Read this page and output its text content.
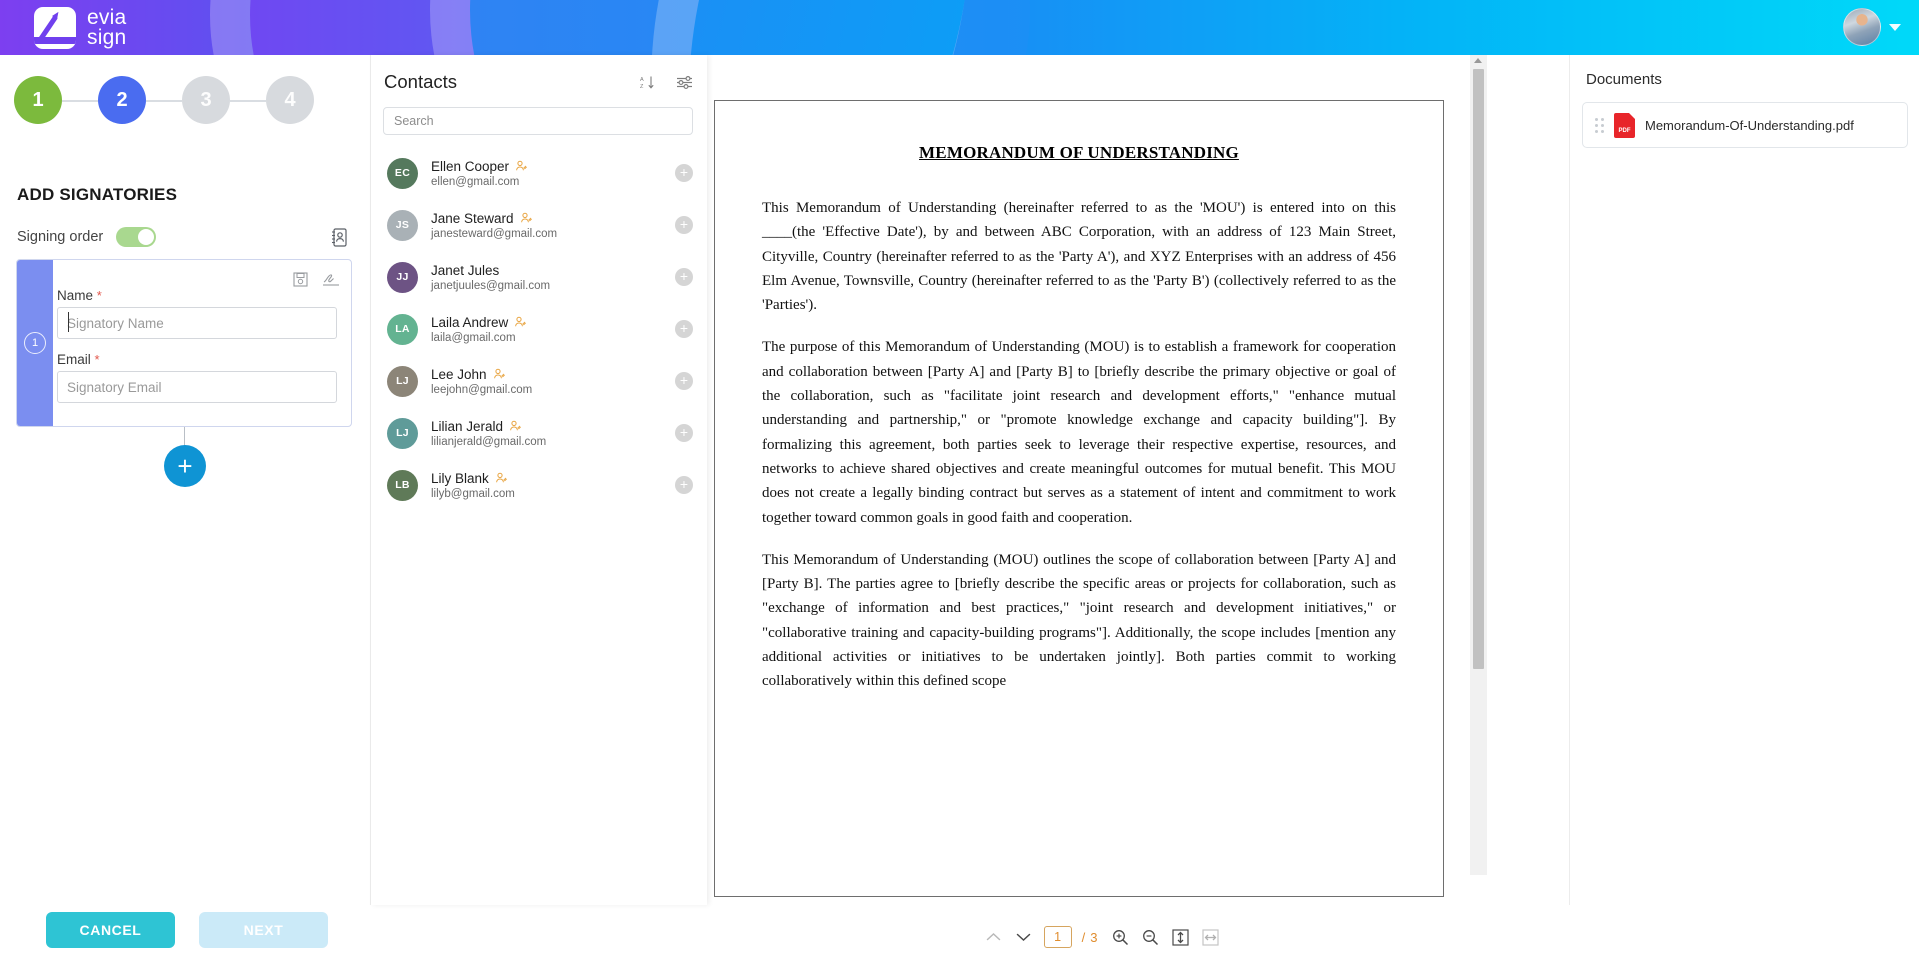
evia
sign
1	2	3	4
ADD SIGNATORIES
Signing order
1
Name *
Signatory Name
Email *
Signatory Email
+
CANCEL	NEXT
MEMORANDUM OF UNDERSTANDING

This Memorandum of Understanding (hereinafter referred to as the 'MOU') is entered into on this ____(the 'Effective Date'), by and between ABC Corporation, with an address of 123 Main Street, Cityville, Country (hereinafter referred to as the 'Party A'), and XYZ Enterprises with an address of 456 Elm Avenue, Townsville, Country (hereinafter referred to as the 'Party B') (collectively referred to as the 'Parties').

The purpose of this Memorandum of Understanding (MOU) is to establish a framework for cooperation and collaboration between [Party A] and [Party B] to [briefly describe the primary objective or goal of the collaboration, such as "facilitate joint research and development efforts," "enhance mutual understanding and partnership," or "promote knowledge exchange and capacity building"]. By formalizing this agreement, both parties seek to leverage their respective expertise, resources, and networks to achieve shared objectives and create meaningful outcomes for mutual benefit. This MOU does not create a legally binding contract but serves as a statement of intent and commitment to work together toward common goals in good faith and cooperation.

This Memorandum of Understanding (MOU) outlines the scope of collaboration between [Party A] and [Party B]. The parties agree to [briefly describe the specific areas or projects for collaboration, such as "exchange of information and best practices," "joint research and development initiatives," or "collaborative training and capacity-building programs"]. Additionally, the scope includes [mention any additional activities or initiatives to be undertaken jointly]. Both parties commit to working collaboratively within this defined scope

1
/ 3
Contacts	A
Z
Search
EC	Ellen Cooper
ellen@gmail.com
+
JS	Jane Steward
janesteward@gmail.com
+
JJ	Janet Jules
janetjuules@gmail.com
+
LA	Laila Andrew
laila@gmail.com
+
LJ	Lee John
leejohn@gmail.com
+
LJ	Lilian Jerald
lilianjerald@gmail.com
+
LB	Lily Blank
lilyb@gmail.com
+
Documents
PDF
Memorandum-Of-Understanding.pdf
